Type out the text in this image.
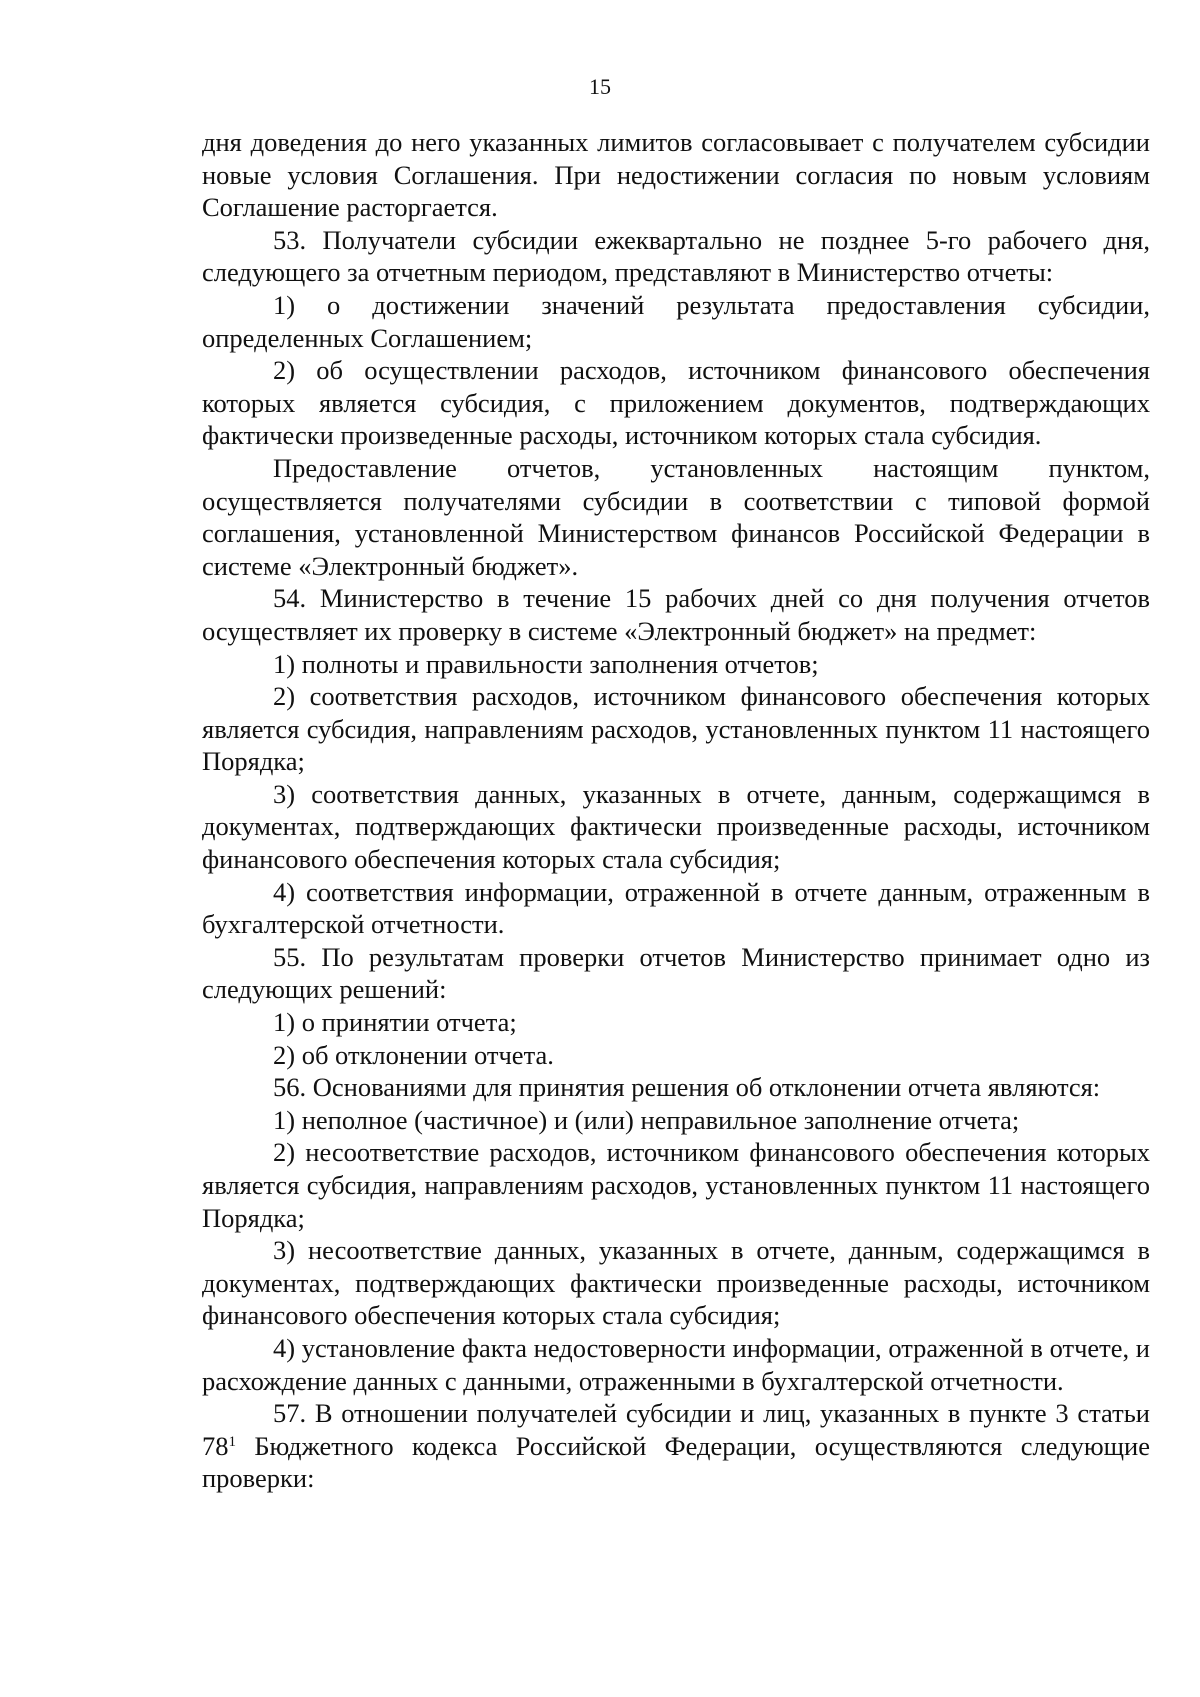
15

дня доведения до него указанных лимитов согласовывает с получателем субсидии новые условия Соглашения. При недостижении согласия по новым условиям Соглашение расторгается.

53. Получатели субсидии ежеквартально не позднее 5-го рабочего дня, следующего за отчетным периодом, представляют в Министерство отчеты:

1) о достижении значений результата предоставления субсидии, определенных Соглашением;

2) об осуществлении расходов, источником финансового обеспечения которых является субсидия, с приложением документов, подтверждающих фактически произведенные расходы, источником которых стала субсидия.

Предоставление отчетов, установленных настоящим пунктом, осуществляется получателями субсидии в соответствии с типовой формой соглашения, установленной Министерством финансов Российской Федерации в системе «Электронный бюджет».

54. Министерство в течение 15 рабочих дней со дня получения отчетов осуществляет их проверку в системе «Электронный бюджет» на предмет:

1) полноты и правильности заполнения отчетов;

2) соответствия расходов, источником финансового обеспечения которых является субсидия, направлениям расходов, установленных пунктом 11 настоящего Порядка;

3) соответствия данных, указанных в отчете, данным, содержащимся в документах, подтверждающих фактически произведенные расходы, источником финансового обеспечения которых стала субсидия;

4) соответствия информации, отраженной в отчете данным, отраженным в бухгалтерской отчетности.

55. По результатам проверки отчетов Министерство принимает одно из следующих решений:

1) о принятии отчета;

2) об отклонении отчета.

56. Основаниями для принятия решения об отклонении отчета являются:

1) неполное (частичное) и (или) неправильное заполнение отчета;

2) несоответствие расходов, источником финансового обеспечения которых является субсидия, направлениям расходов, установленных пунктом 11 настоящего Порядка;

3) несоответствие данных, указанных в отчете, данным, содержащимся в документах, подтверждающих фактически произведенные расходы, источником финансового обеспечения которых стала субсидия;

4) установление факта недостоверности информации, отраженной в отчете, и расхождение данных с данными, отраженными в бухгалтерской отчетности.

57. В отношении получателей субсидии и лиц, указанных в пункте 3 статьи $78^1$ Бюджетного кодекса Российской Федерации, осуществляются следующие проверки:
